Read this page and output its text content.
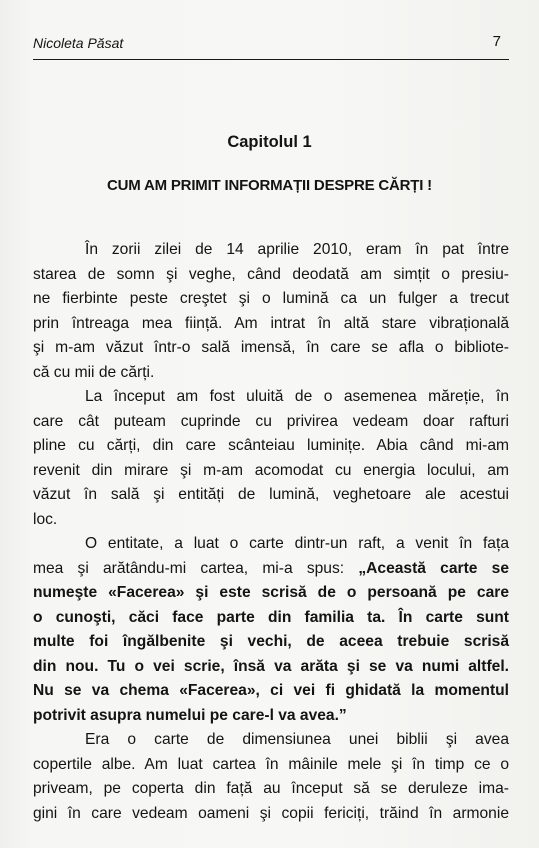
Nicoleta Păsat	7
Capitolul 1
CUM AM PRIMIT INFORMAȚII DESPRE CĂRȚI !

În zorii zilei de 14 aprilie 2010, eram în pat între
starea de somn şi veghe, când deodată am simțit o presiu-
ne fierbinte peste creştet şi o lumină ca un fulger a trecut
prin întreaga mea ființă. Am intrat în altă stare vibrațională
şi m-am văzut într-o sală imensă, în care se afla o bibliote-
că cu mii de cărți.

La început am fost uluită de o asemenea măreție, în
care cât puteam cuprinde cu privirea vedeam doar rafturi
pline cu cărți, din care scânteiau luminițe. Abia când mi-am
revenit din mirare şi m-am acomodat cu energia locului, am
văzut în sală şi entități de lumină, veghetoare ale acestui
loc.

O entitate, a luat o carte dintr-un raft, a venit în fața
mea şi arătându-mi cartea, mi-a spus: „Această carte se
numeşte «Facerea» şi este scrisă de o persoană pe care
o cunoşti, căci face parte din familia ta. În carte sunt
multe foi îngălbenite şi vechi, de aceea trebuie scrisă
din nou. Tu o vei scrie, însă va arăta şi se va numi altfel.
Nu se va chema «Facerea», ci vei fi ghidată la momentul
potrivit asupra numelui pe care-l va avea.”

Era o carte de dimensiunea unei biblii şi avea
copertile albe. Am luat cartea în mâinile mele şi în timp ce o
priveam, pe coperta din față au început să se deruleze ima-
gini în care vedeam oameni şi copii fericiți, trăind în armonie
